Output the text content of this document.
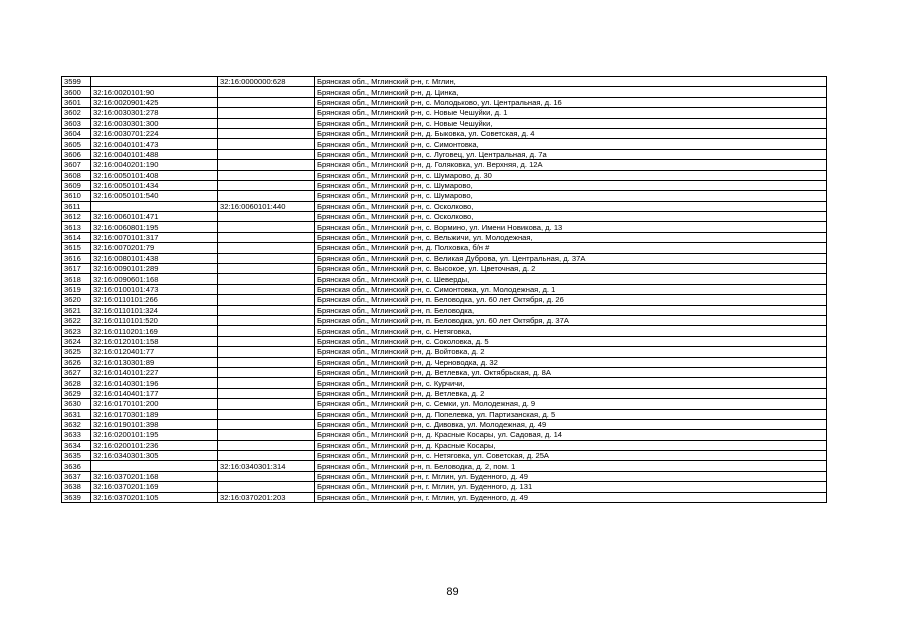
3599		32:16:0000000:628	Брянская обл., Мглинский р-н, г. Мглин,
3600	32:16:0020101:90		Брянская обл., Мглинский р-н, д. Цинка,
3601	32:16:0020901:425		Брянская обл., Мглинский р-н, с. Молодьково, ул. Центральная, д. 16
3602	32:16:0030301:278		Брянская обл., Мглинский р-н, с. Новые Чешуйки, д. 1
3603	32:16:0030301:300		Брянская обл., Мглинский р-н, с. Новые Чешуйки,
3604	32:16:0030701:224		Брянская обл., Мглинский р-н, д. Быковка, ул. Советская, д. 4
3605	32:16:0040101:473		Брянская обл., Мглинский р-н, с. Симонтовка,
3606	32:16:0040101:488		Брянская обл., Мглинский р-н, с. Луговец, ул. Центральная, д. 7а
3607	32:16:0040201:190		Брянская обл., Мглинский р-н, д. Голяковка, ул. Верхняя, д. 12А
3608	32:16:0050101:408		Брянская обл., Мглинский р-н, с. Шумарово, д. 30
3609	32:16:0050101:434		Брянская обл., Мглинский р-н, с. Шумарово,
3610	32:16:0050101:540		Брянская обл., Мглинский р-н, с. Шумарово,
3611		32:16:0060101:440	Брянская обл., Мглинский р-н, с. Осколково,
3612	32:16:0060101:471		Брянская обл., Мглинский р-н, с. Осколково,
3613	32:16:0060801:195		Брянская обл., Мглинский р-н, с. Вормино, ул. Имени Новикова, д. 13
3614	32:16:0070101:317		Брянская обл., Мглинский р-н, с. Вельжичи, ул. Молодежная,
3615	32:16:0070201:79		Брянская обл., Мглинский р-н, д. Полховка, б/н #
3616	32:16:0080101:438		Брянская обл., Мглинский р-н, с. Великая Дуброва, ул. Центральная, д. 37А
3617	32:16:0090101:289		Брянская обл., Мглинский р-н, с. Высокое, ул. Цветочная, д. 2
3618	32:16:0090601:168		Брянская обл., Мглинский р-н, с. Шеверды,
3619	32:16:0100101:473		Брянская обл., Мглинский р-н, с. Симонтовка, ул. Молодежная, д. 1
3620	32:16:0110101:266		Брянская обл., Мглинский р-н, п. Беловодка, ул. 60 лет Октября, д. 26
3621	32:16:0110101:324		Брянская обл., Мглинский р-н, п. Беловодка,
3622	32:16:0110101:520		Брянская обл., Мглинский р-н, п. Беловодка, ул. 60 лет Октября, д. 37А
3623	32:16:0110201:169		Брянская обл., Мглинский р-н, с. Нетяговка,
3624	32:16:0120101:158		Брянская обл., Мглинский р-н, с. Соколовка, д. 5
3625	32:16:0120401:77		Брянская обл., Мглинский р-н, д. Войтовка, д. 2
3626	32:16:0130301:89		Брянская обл., Мглинский р-н, д. Черноводка, д. 32
3627	32:16:0140101:227		Брянская обл., Мглинский р-н, д. Ветлевка, ул. Октябрьская, д. 8А
3628	32:16:0140301:196		Брянская обл., Мглинский р-н, с. Курчичи,
3629	32:16:0140401:177		Брянская обл., Мглинский р-н, д. Ветлевка, д. 2
3630	32:16:0170101:200		Брянская обл., Мглинский р-н, с. Семки, ул. Молодежная, д. 9
3631	32:16:0170301:189		Брянская обл., Мглинский р-н, д. Попелевка, ул. Партизанская, д. 5
3632	32:16:0190101:398		Брянская обл., Мглинский р-н, с. Дивовка, ул. Молодежная, д. 49
3633	32:16:0200101:195		Брянская обл., Мглинский р-н, д. Красные Косары, ул. Садовая, д. 14
3634	32:16:0200101:236		Брянская обл., Мглинский р-н, д. Красные Косары,
3635	32:16:0340301:305		Брянская обл., Мглинский р-н, с. Нетяговка, ул. Советская, д. 25А
3636		32:16:0340301:314	Брянская обл., Мглинский р-н, п. Беловодка, д. 2, пом. 1
3637	32:16:0370201:168		Брянская обл., Мглинский р-н, г. Мглин, ул. Буденного, д. 49
3638	32:16:0370201:169		Брянская обл., Мглинский р-н, г. Мглин, ул. Буденного, д. 131
3639	32:16:0370201:105	32:16:0370201:203	Брянская обл., Мглинский р-н, г. Мглин, ул. Буденного, д. 49
89
